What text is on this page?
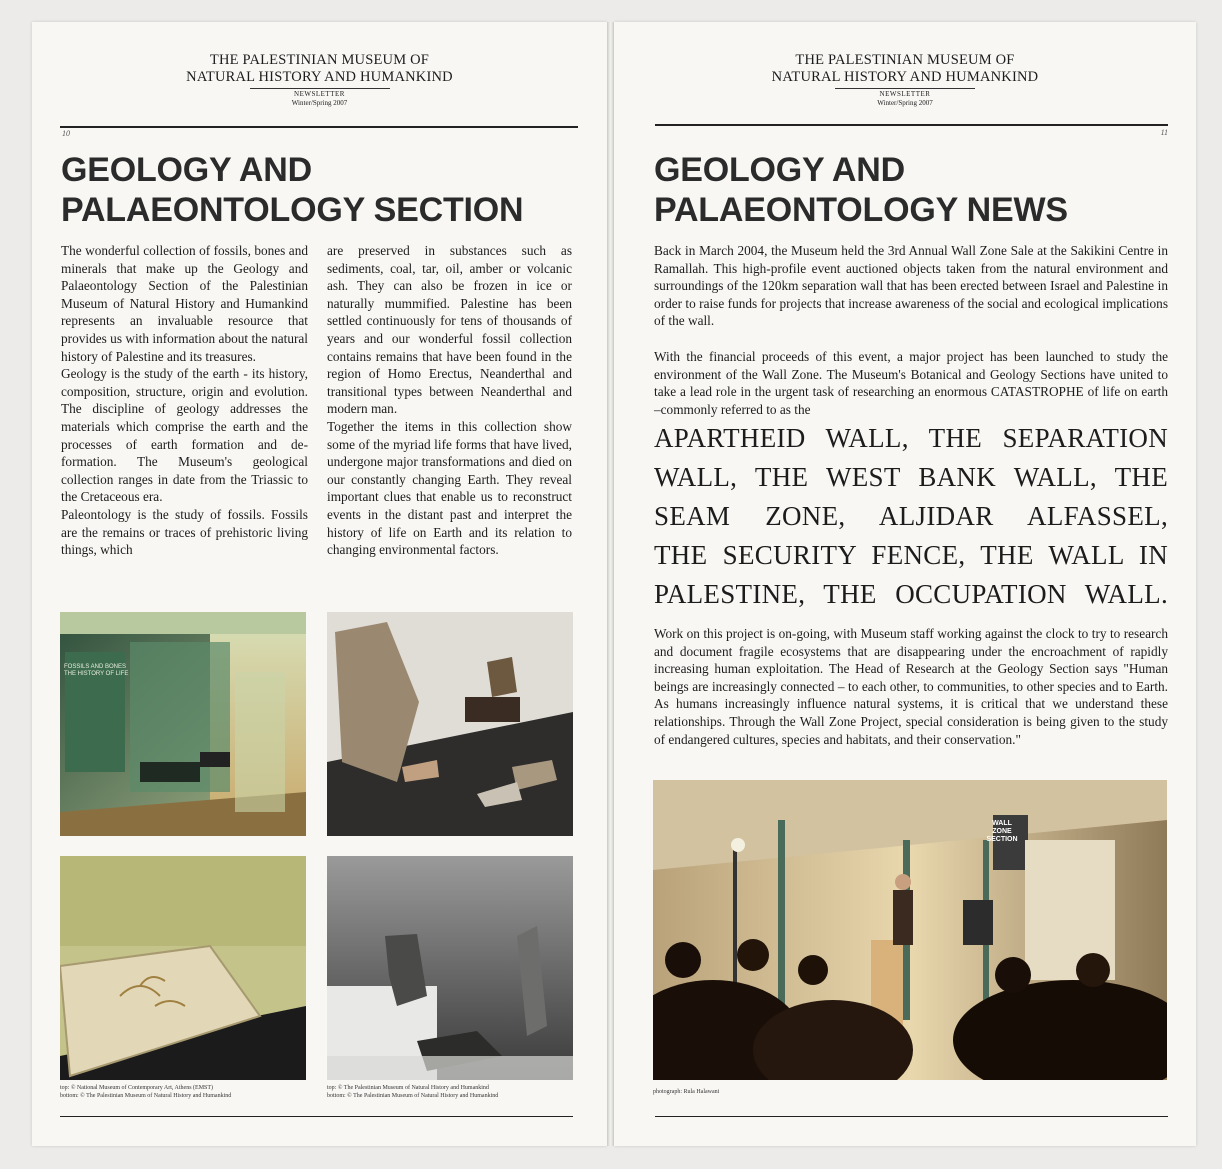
THE PALESTINIAN MUSEUM OF
NATURAL HISTORY AND HUMANKIND
NEWSLETTER
Winter/Spring 2007
10
GEOLOGY AND
PALAEONTOLOGY SECTION

The wonderful collection of fossils, bones and minerals that make up the Geology and Palaeontology Section of the Palestinian Museum of Natural History and Humankind represents an invaluable resource that provides us with information about the natural history of Palestine and its treasures.

Geology is the study of the earth - its history, composition, structure, origin and evolution. The discipline of geology addresses the materials which comprise the earth and the processes of earth formation and de-formation. The Museum's geological collection ranges in date from the Triassic to the Cretaceous era.

Paleontology is the study of fossils. Fossils are the remains or traces of prehistoric living things, which

are preserved in substances such as sediments, coal, tar, oil, amber or volcanic ash. They can also be frozen in ice or naturally mummified. Palestine has been settled continuously for tens of thousands of years and our wonderful fossil collection contains remains that have been found in the region of Homo Erectus, Neanderthal and transitional types between Neanderthal and modern man.

Together the items in this collection show some of the myriad life forms that have lived, undergone major transformations and died on our constantly changing Earth. They reveal important clues that enable us to reconstruct events in the distant past and interpret the history of life on Earth and its relation to changing environmental factors.

FOSSILS AND BONES
THE HISTORY OF LIFE
top: © National Museum of Contemporary Art, Athens (EMST)
bottom: © The Palestinian Museum of Natural History and Humankind
top: © The Palestinian Museum of Natural History and Humankind
bottom: © The Palestinian Museum of Natural History and Humankind
THE PALESTINIAN MUSEUM OF
NATURAL HISTORY AND HUMANKIND
NEWSLETTER
Winter/Spring 2007
11
GEOLOGY AND
PALAEONTOLOGY NEWS

Back in March 2004, the Museum held the 3rd Annual Wall Zone Sale at the Sakikini Centre in Ramallah. This high-profile event auctioned objects taken from the natural environment and surroundings of the 120km separation wall that has been erected between Israel and Palestine in order to raise funds for projects that increase awareness of the social and ecological implications of the wall.

With the financial proceeds of this event, a major project has been launched to study the environment of the Wall Zone. The Museum's Botanical and Geology Sections have united to take a lead role in the urgent task of researching an enormous CATASTROPHE of life on earth –commonly referred to as the

APARTHEID WALL, THE SEPARATION

WALL, THE WEST BANK WALL, THE

SEAM ZONE, ALJIDAR ALFASSEL,

THE SECURITY FENCE, THE WALL IN

PALESTINE, THE OCCUPATION WALL.

Work on this project is on-going, with Museum staff working against the clock to try to research and document fragile ecosystems that are disappearing under the encroachment of rapidly increasing human exploitation. The Head of Research at the Geology Section says "Human beings are increasingly connected – to each other, to communities, to other species and to Earth. As humans increasingly influence natural systems, it is critical that we understand these relationships. Through the Wall Zone Project, special consideration is being given to the study of endangered cultures, species and habitats, and their conservation."

WALL ZONE SECTION
photograph: Rula Halawani
